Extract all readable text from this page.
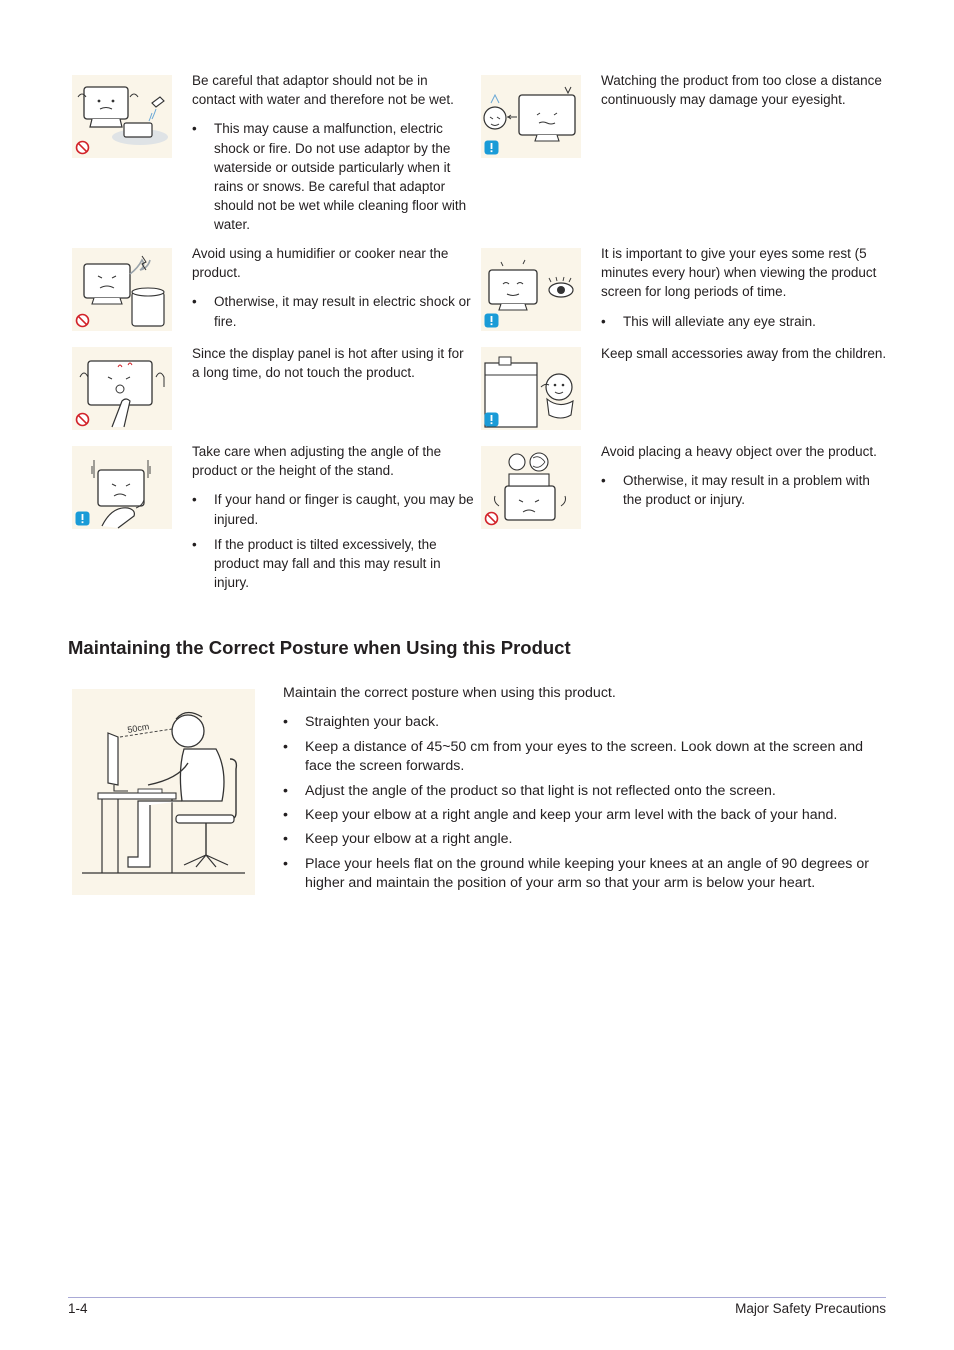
Be careful that adaptor should not be in contact with water and therefore not be wet.

• This may cause a malfunction, electric shock or fire. Do not use adaptor by the waterside or outside particularly when it rains or snows. Be careful that adaptor should not be wet while cleaning floor with water.

Watching the product from too close a distance continuously may damage your eyesight.

Avoid using a humidifier or cooker near the product.

• Otherwise, it may result in electric shock or fire.

It is important to give your eyes some rest (5 minutes every hour) when viewing the product screen for long periods of time.

• This will alleviate any eye strain.

Since the display panel is hot after using it for a long time, do not touch the product.

Keep small accessories away from the children.

Take care when adjusting the angle of the product or the height of the stand.

• If your hand or finger is caught, you may be injured.
• If the product is tilted excessively, the product may fall and this may result in injury.

Avoid placing a heavy object over the product.

• Otherwise, it may result in a problem with the product or injury.
Maintaining the Correct Posture when Using this Product
50cm

Maintain the correct posture when using this product.

• Straighten your back.
• Keep a distance of 45~50 cm from your eyes to the screen. Look down at the screen and face the screen forwards.
• Adjust the angle of the product so that light is not reflected onto the screen.
• Keep your elbow at a right angle and keep your arm level with the back of your hand.
• Keep your elbow at a right angle.
• Place your heels flat on the ground while keeping your knees at an angle of 90 degrees or higher and maintain the position of your arm so that your arm is below your heart.
1-4	Major Safety Precautions
